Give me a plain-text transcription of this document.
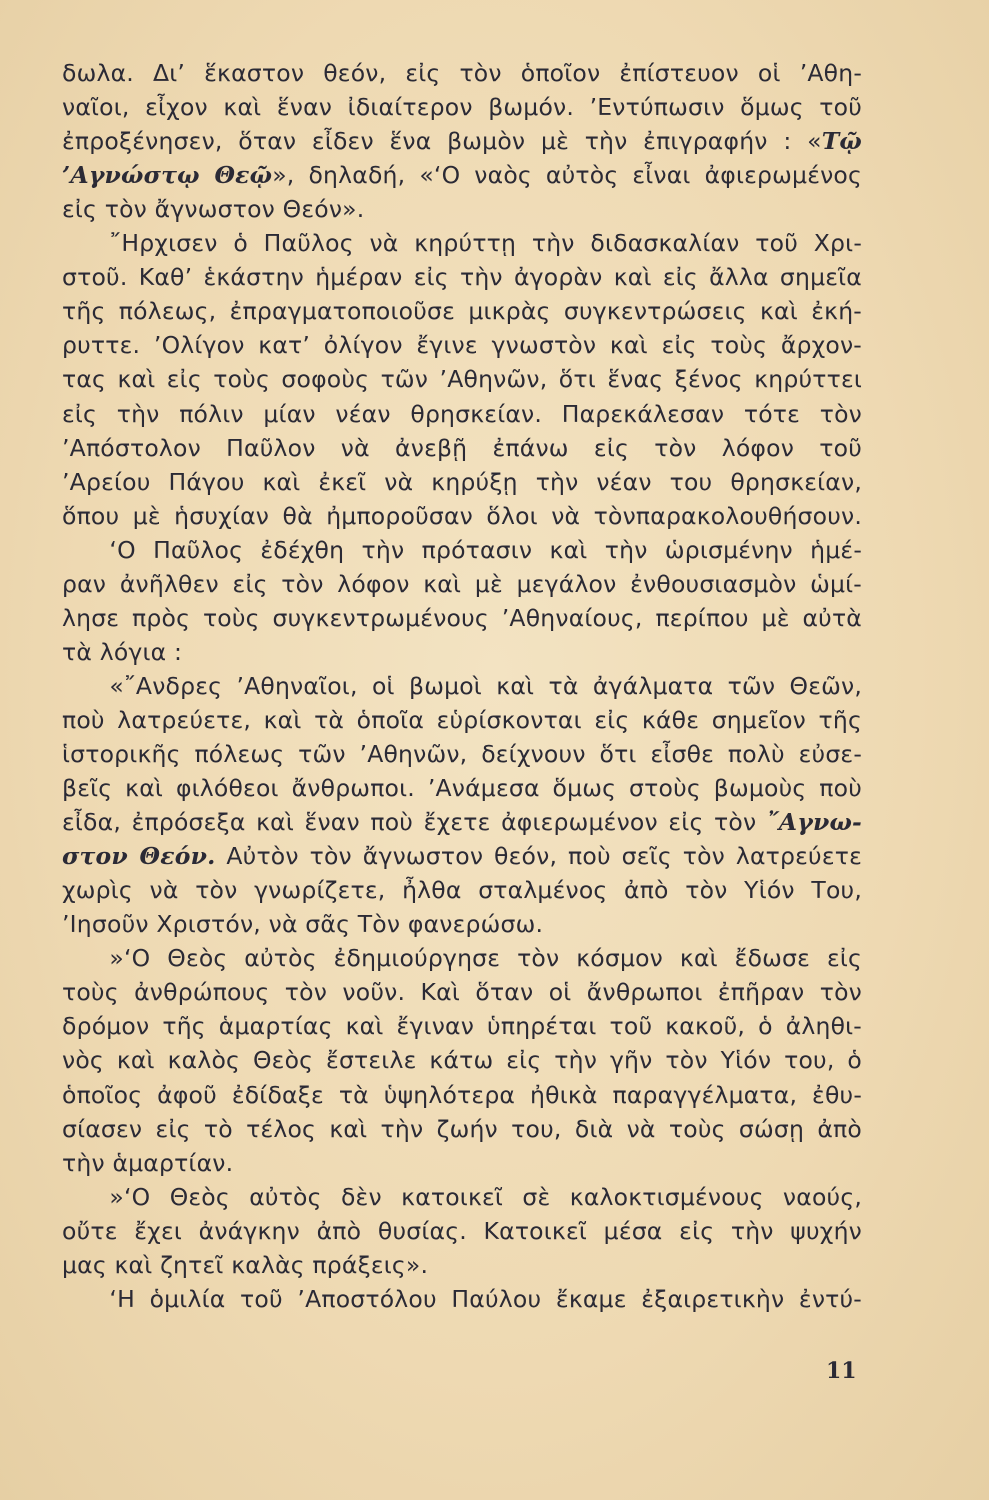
δωλα. Δι’ ἕκαστον θεόν, εἰς τὸν ὁποῖον ἐπίστευον οἱ ’Αθη-
ναῖοι, εἶχον καὶ ἕναν ἰδιαίτερον βωμόν. ’Εντύπωσιν ὅμως τοῦ
ἐπροξένησεν, ὅταν εἶδεν ἕνα βωμὸν μὲ τὴν ἐπιγραφήν : «Τῷ
’Αγνώστῳ Θεῷ», δηλαδή, «‘Ο ναὸς αὐτὸς εἶναι ἀφιερωμένος
εἰς τὸν ἄγνωστον Θεόν».
  ῎Ηρχισεν ὁ Παῦλος νὰ κηρύττῃ τὴν διδασκαλίαν τοῦ Χρι-
στοῦ. Καθ’ ἑκάστην ἡμέραν εἰς τὴν ἀγορὰν καὶ εἰς ἄλλα σημεῖα
τῆς πόλεως, ἐπραγματοποιοῦσε μικρὰς συγκεντρώσεις καὶ ἐκή-
ρυττε. ’Ολίγον κατ’ ὀλίγον ἔγινε γνωστὸν καὶ εἰς τοὺς ἄρχον-
τας καὶ εἰς τοὺς σοφοὺς τῶν ’Αθηνῶν, ὅτι ἕνας ξένος κηρύττει
εἰς τὴν πόλιν μίαν νέαν θρησκείαν. Παρεκάλεσαν τότε τὸν
’Απόστολον Παῦλον νὰ ἀνεβῇ ἐπάνω εἰς τὸν λόφον τοῦ
’Αρείου Πάγου καὶ ἐκεῖ νὰ κηρύξῃ τὴν νέαν του θρησκείαν,
ὅπου μὲ ἡσυχίαν θὰ ἠμποροῦσαν ὅλοι νὰ τὸνπαρακολουθήσουν.
  ‘Ο Παῦλος ἐδέχθη τὴν πρότασιν καὶ τὴν ὡρισμένην ἡμέ-
ραν ἀνῆλθεν εἰς τὸν λόφον καὶ μὲ μεγάλον ἐνθουσιασμὸν ὡμί-
λησε πρὸς τοὺς συγκεντρωμένους ’Αθηναίους, περίπου μὲ αὐτὰ
τὰ λόγια :
  «῎Ανδρες ’Αθηναῖοι, οἱ βωμοὶ καὶ τὰ ἀγάλματα τῶν Θεῶν,
ποὺ λατρεύετε, καὶ τὰ ὁποῖα εὑρίσκονται εἰς κάθε σημεῖον τῆς
ἱστορικῆς πόλεως τῶν ’Αθηνῶν, δείχνουν ὅτι εἶσθε πολὺ εὐσε-
βεῖς καὶ φιλόθεοι ἄνθρωποι. ’Ανάμεσα ὅμως στοὺς βωμοὺς ποὺ
εἶδα, ἐπρόσεξα καὶ ἕναν ποὺ ἔχετε ἀφιερωμένον εἰς τὸν ῎Αγνω-
στον Θεόν. Αὐτὸν τὸν ἄγνωστον θεόν, ποὺ σεῖς τὸν λατρεύετε
χωρὶς νὰ τὸν γνωρίζετε, ἦλθα σταλμένος ἀπὸ τὸν Υἱόν Του,
’Ιησοῦν Χριστόν, νὰ σᾶς Τὸν φανερώσω.
  »‘Ο Θεὸς αὐτὸς ἐδημιούργησε τὸν κόσμον καὶ ἔδωσε εἰς
τοὺς ἀνθρώπους τὸν νοῦν. Καὶ ὅταν οἱ ἄνθρωποι ἐπῆραν τὸν
δρόμον τῆς ἁμαρτίας καὶ ἔγιναν ὑπηρέται τοῦ κακοῦ, ὁ ἀληθι-
νὸς καὶ καλὸς Θεὸς ἔστειλε κάτω εἰς τὴν γῆν τὸν Υἱόν του, ὁ
ὁποῖος ἀφοῦ ἐδίδαξε τὰ ὑψηλότερα ἠθικὰ παραγγέλματα, ἐθυ-
σίασεν εἰς τὸ τέλος καὶ τὴν ζωήν του, διὰ νὰ τοὺς σώσῃ ἀπὸ
τὴν ἁμαρτίαν.
  »‘Ο Θεὸς αὐτὸς δὲν κατοικεῖ σὲ καλοκτισμένους ναούς,
οὔτε ἔχει ἀνάγκην ἀπὸ θυσίας. Κατοικεῖ μέσα εἰς τὴν ψυχήν
μας καὶ ζητεῖ καλὰς πράξεις».
  ‘Η ὁμιλία τοῦ ’Αποστόλου Παύλου ἔκαμε ἐξαιρετικὴν ἐντύ-
11
